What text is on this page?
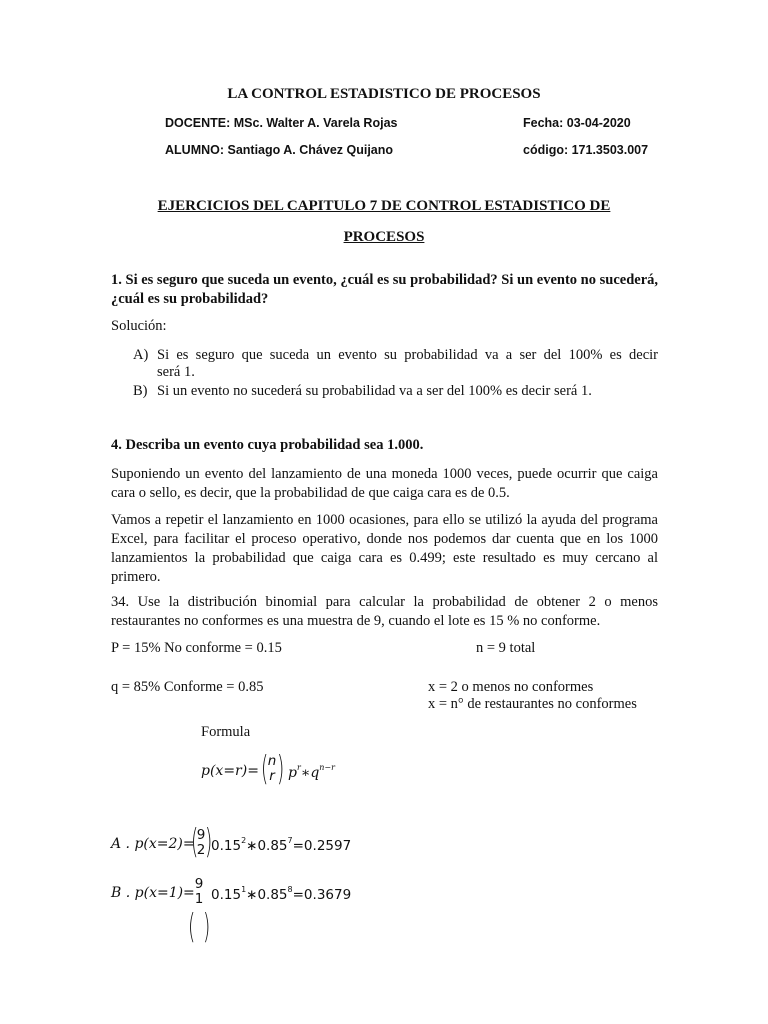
LA CONTROL ESTADISTICO DE PROCESOS
DOCENTE: MSc. Walter A. Varela Rojas	Fecha: 03-04-2020
ALUMNO: Santiago A. Chávez Quijano	código: 171.3503.007
EJERCICIOS DEL CAPITULO 7 DE CONTROL ESTADISTICO DE
PROCESOS
1. Si es seguro que suceda un evento, ¿cuál es su probabilidad? Si un evento no sucederá, ¿cuál es su probabilidad?
Solución:
A) Si es seguro que suceda un evento su probabilidad va a ser del 100% es decir
será 1.
B) Si un evento no sucederá su probabilidad va a ser del 100% es decir será 1.
4. Describa un evento cuya probabilidad sea 1.000.
Suponiendo un evento del lanzamiento de una moneda 1000 veces, puede ocurrir que caiga cara o sello, es decir, que la probabilidad de que caiga cara es de 0.5.
Vamos a repetir el lanzamiento en 1000 ocasiones, para ello se utilizó la ayuda del programa Excel, para facilitar el proceso operativo, donde nos podemos dar cuenta que en los 1000 lanzamientos la probabilidad que caiga cara es 0.499; este resultado es muy cercano al primero.
34. Use la distribución binomial para calcular la probabilidad de obtener 2 o menos restaurantes no conformes es una muestra de 9, cuando el lote es 15 % no conforme.
P = 15% No conforme = 0.15	n = 9 total
q = 85% Conforme = 0.85	x = 2 o menos no conformes
x = n° de restaurantes no conformes
Formula
p(x=r)= ( n
r ) $p^r∗q^{n-r}$
A . p(x=2)=
(
9
2 )
$0.15^2∗0.85^7=0.2597$
B . p(x=1)=
9
1 $0.15^1∗0.85^8=0.3679$
( )
